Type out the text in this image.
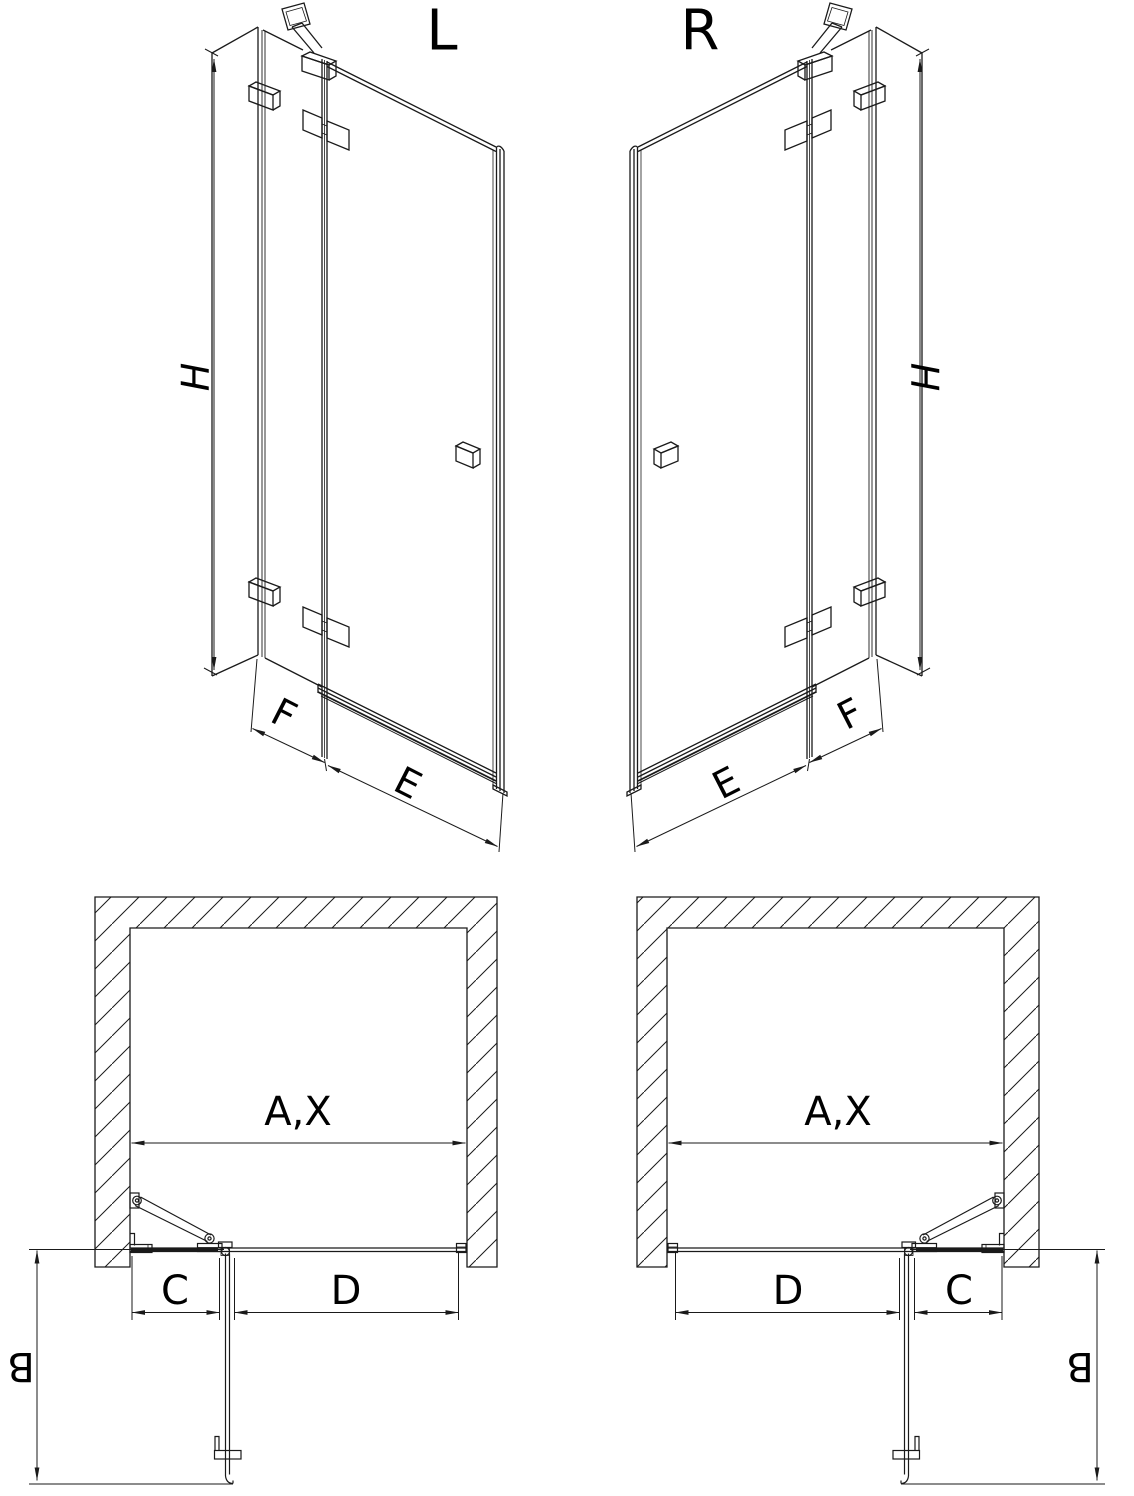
L
H
F
E
R
H
F
E
A,X
C	D
B
A,X
C
D
B
